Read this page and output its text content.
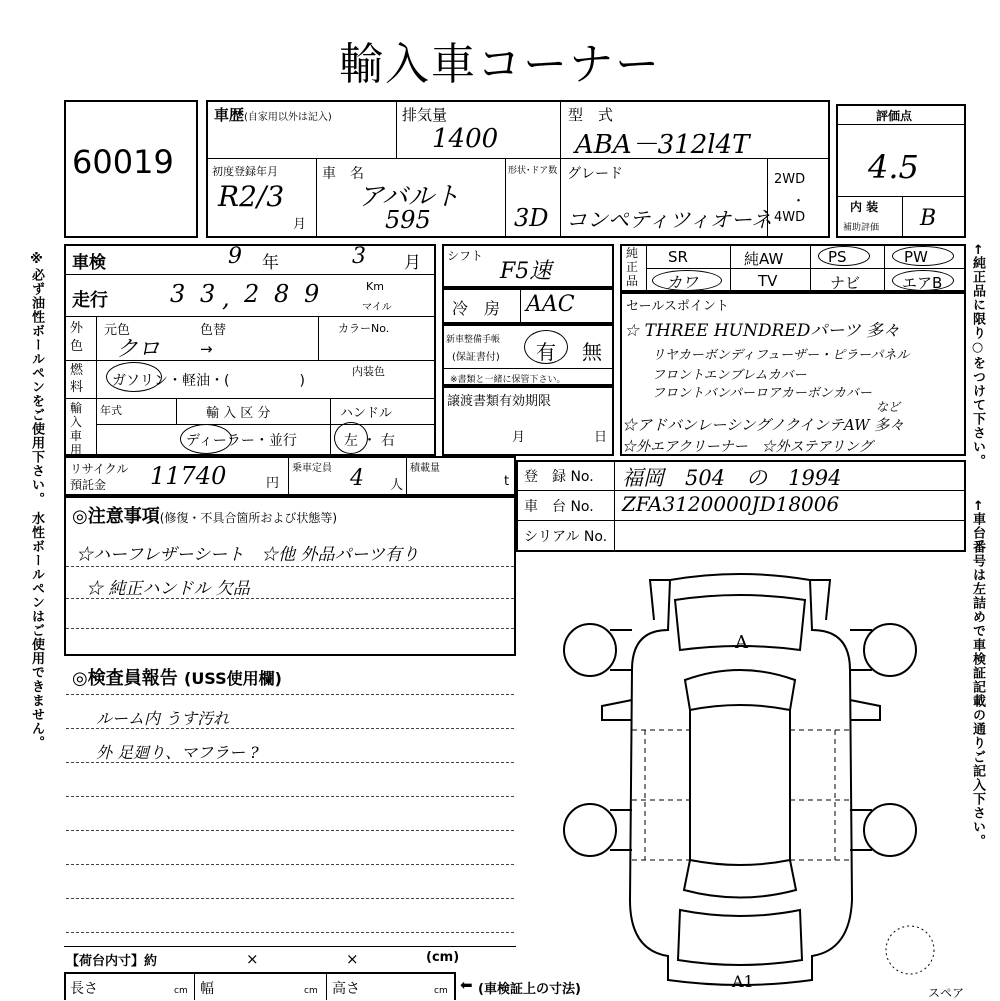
輸入車コーナー
※必ず油性ボールペンをご使用下さい。 水性ボールペンはご使用できません。	←純正品に限り○をつけて下さい。
←車台番号は左詰めで車検証記載の通りご記入下さい。
60019
車歴(自家用以外は記入)	排気量
1400
型　式
ABA－312l4T
初度登録年月
R2/3
月
車　名
アバルト
595
形状･ドア数
3D
グレード
コンペティツィオーネ
2WD
・
4WD
評価点
4.5
内 装
補助評価 B
車検	9 年	3 月
走行	3 3 , 2 8 9	Km
マイル
外色
元色	色替	カラーNo.
クロ	→
燃料	ガソリン・軽油・(　　　　　)
内装色
輸入車用
年式	輸 入 区 分	ハンドル
ディーラー・並行	左 ・ 右
シフト
F5速
冷　房 AAC
新車整備手帳
(保証書付) 有 無
※書類と一緒に保管下さい。
譲渡書類有効期限
月	日
純正品
SR	純AW	PS	PW
カワ	TV	ナビ	エアB
セールスポイント
☆ THREE HUNDREDパーツ 多々
リヤカーボンディフューザー・ピラーパネル
フロントエンブレムカバー
フロントバンパーロアカーボンカバー
など
☆アドバンレーシングノクインテAW 多々
☆外エアクリーナー　☆外ステアリング
リサイクル
預託金 11740	円
乗車定員 4 人
積載量
t 登　録 No. 福岡　504　の　1994
車　台 No. ZFA3120000JD18006
シリアル No.
◎注意事項(修復・不具合箇所および状態等)
☆ハーフレザーシート　☆他 外品パーツ有り
☆ 純正ハンドル 欠品
◎検査員報告 (USS使用欄)
ルーム内 うす汚れ
外 足廻り、マフラー ?
【荷台内寸】約	×	×	(cm)
長さ	cm 幅	cm 高さ	cm ⬅ (車検証上の寸法)
A
A1
スペア
